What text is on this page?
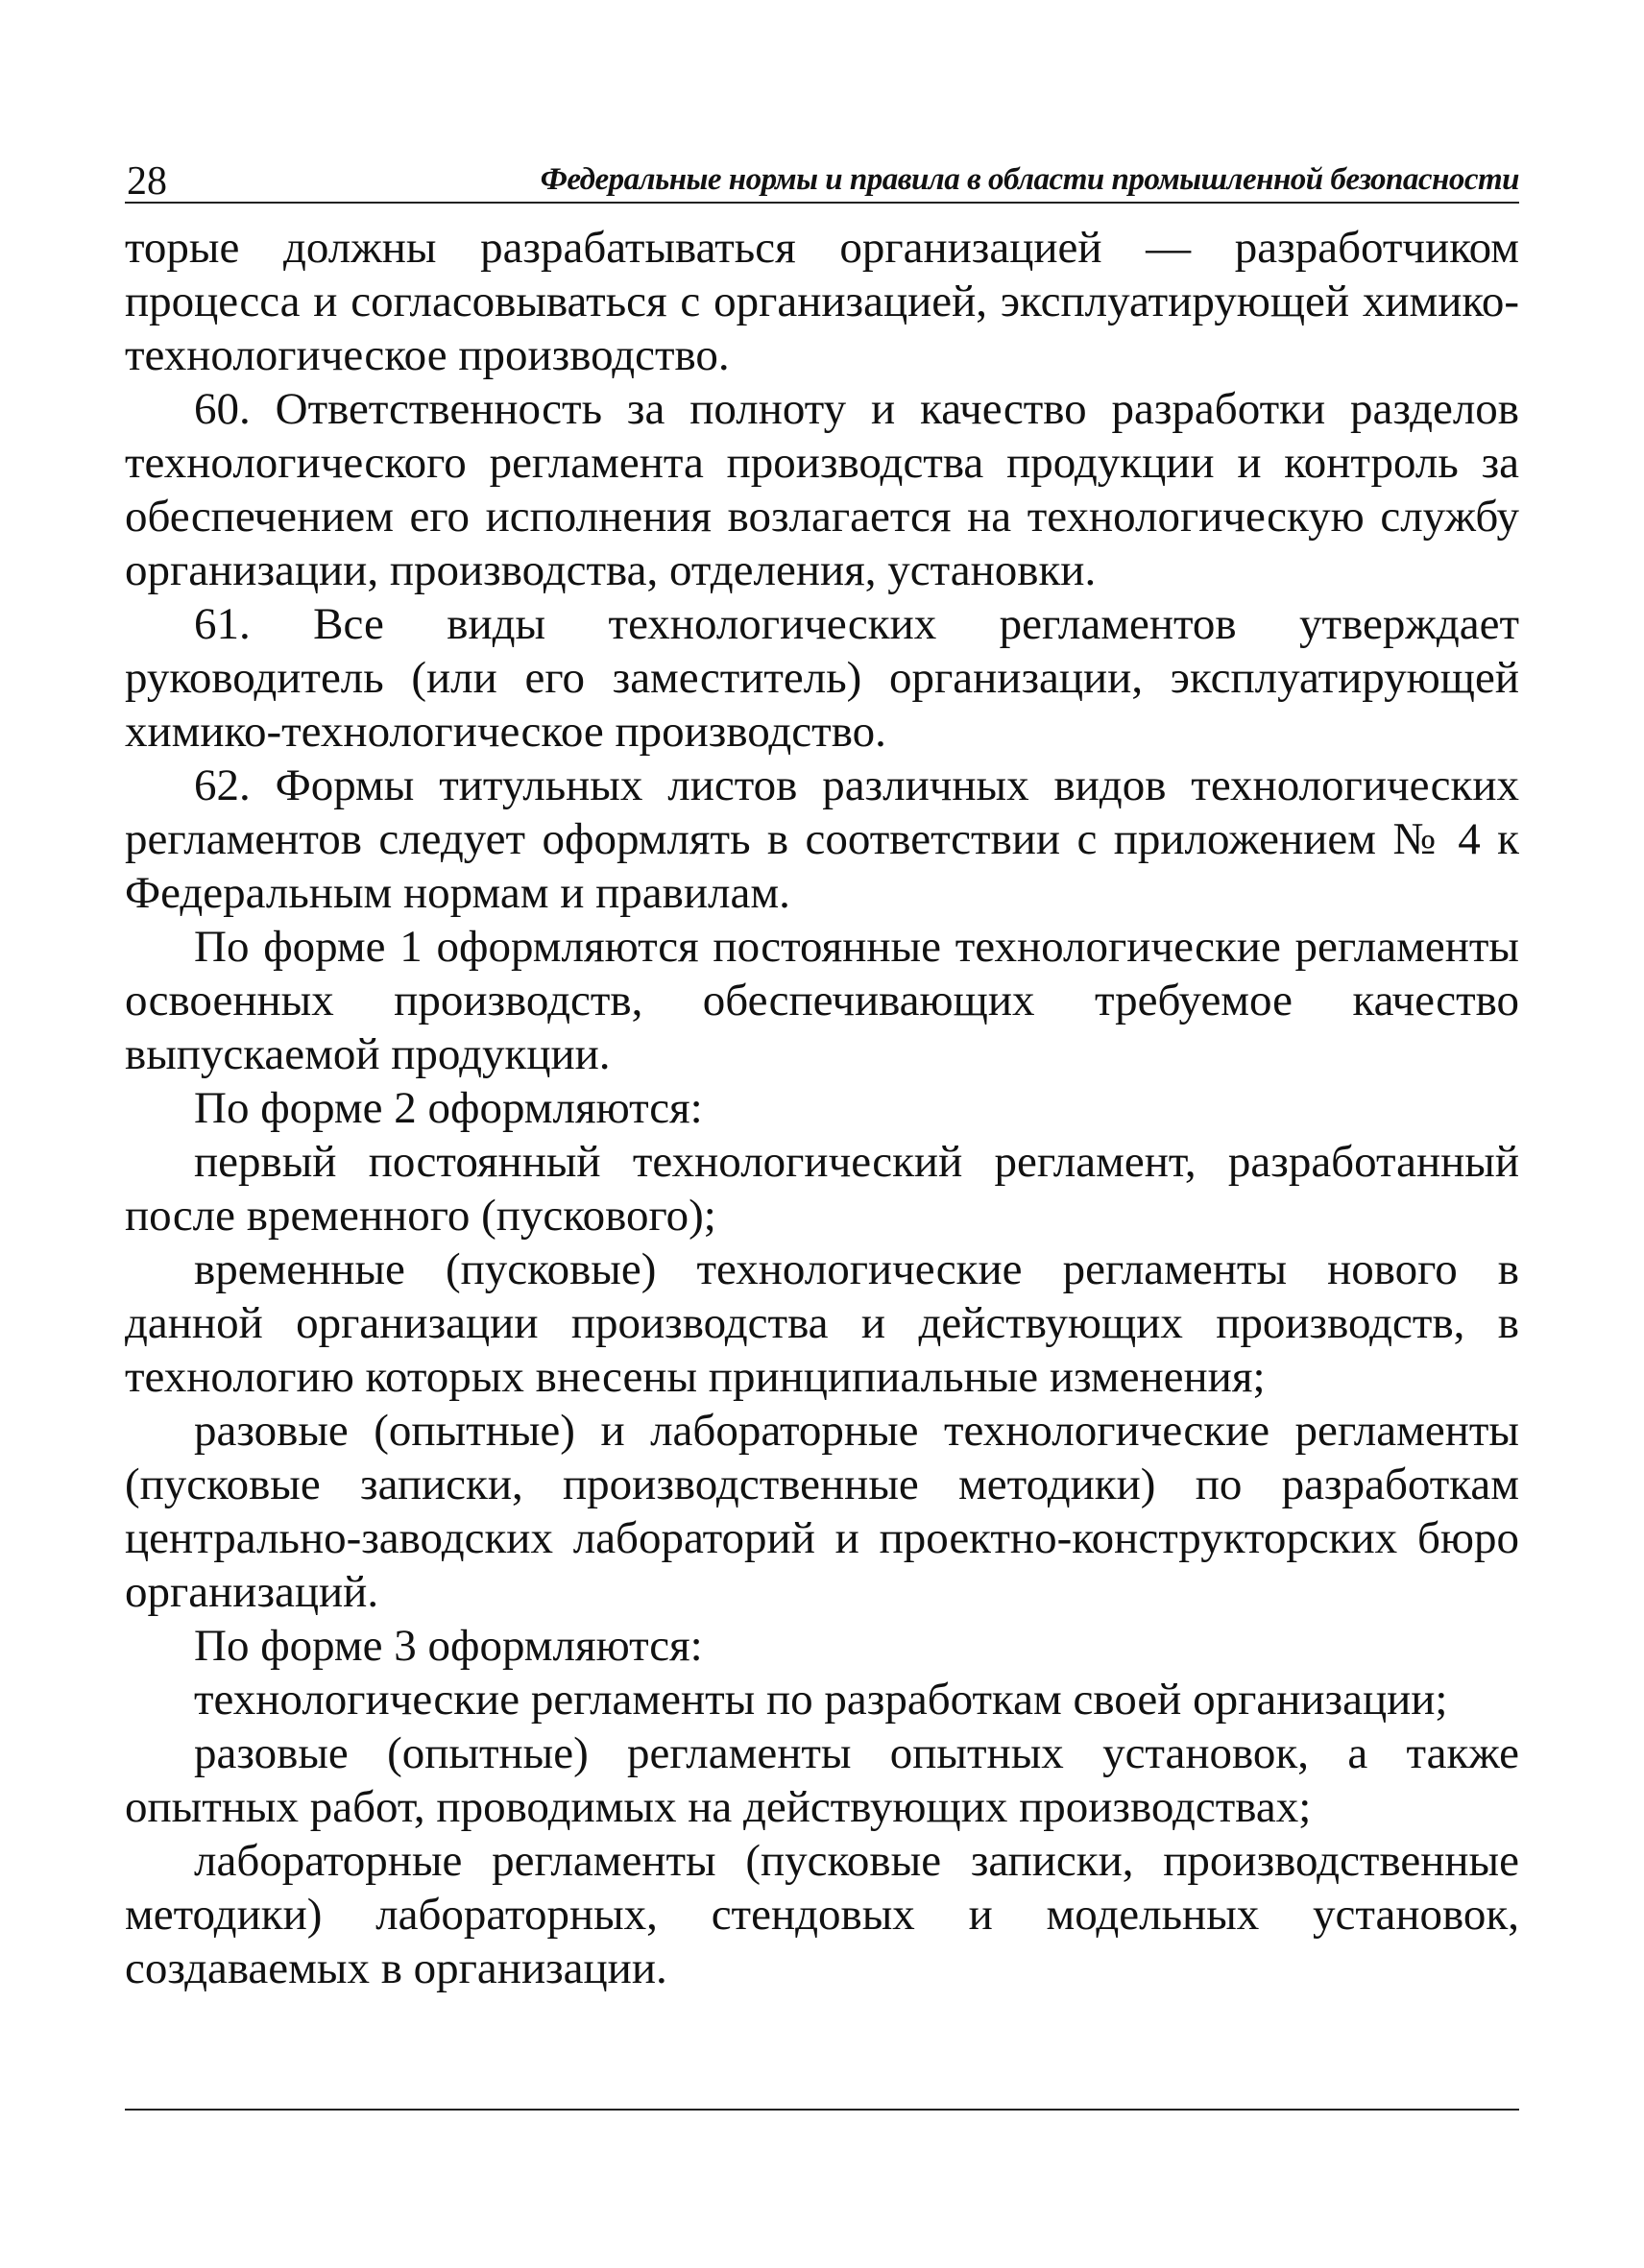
28	Федеральные нормы и правила в области промышленной безопасности

торые должны разрабатываться организацией — разработчиком процесса и согласовываться с организацией, эксплуатирующей химико-технологическое производство.

60. Ответственность за полноту и качество разработки разделов технологического регламента производства продукции и контроль за обеспечением его исполнения возлагается на технологическую службу организации, производства, отделения, установки.

61. Все виды технологических регламентов утверждает руководитель (или его заместитель) организации, эксплуатирующей химико-технологическое производство.

62. Формы титульных листов различных видов технологических регламентов следует оформлять в соответствии с приложением № 4 к Федеральным нормам и правилам.

По форме 1 оформляются постоянные технологические регламенты освоенных производств, обеспечивающих требуемое качество выпускаемой продукции.

По форме 2 оформляются:

первый постоянный технологический регламент, разработанный после временного (пускового);

временные (пусковые) технологические регламенты нового в данной организации производства и действующих производств, в технологию которых внесены принципиальные изменения;

разовые (опытные) и лабораторные технологические регламенты (пусковые записки, производственные методики) по разработкам центрально-заводских лабораторий и проектно-конструкторских бюро организаций.

По форме 3 оформляются:

технологические регламенты по разработкам своей организации;

разовые (опытные) регламенты опытных установок, а также опытных работ, проводимых на действующих производствах;

лабораторные регламенты (пусковые записки, производственные методики) лабораторных, стендовых и модельных установок, создаваемых в организации.
